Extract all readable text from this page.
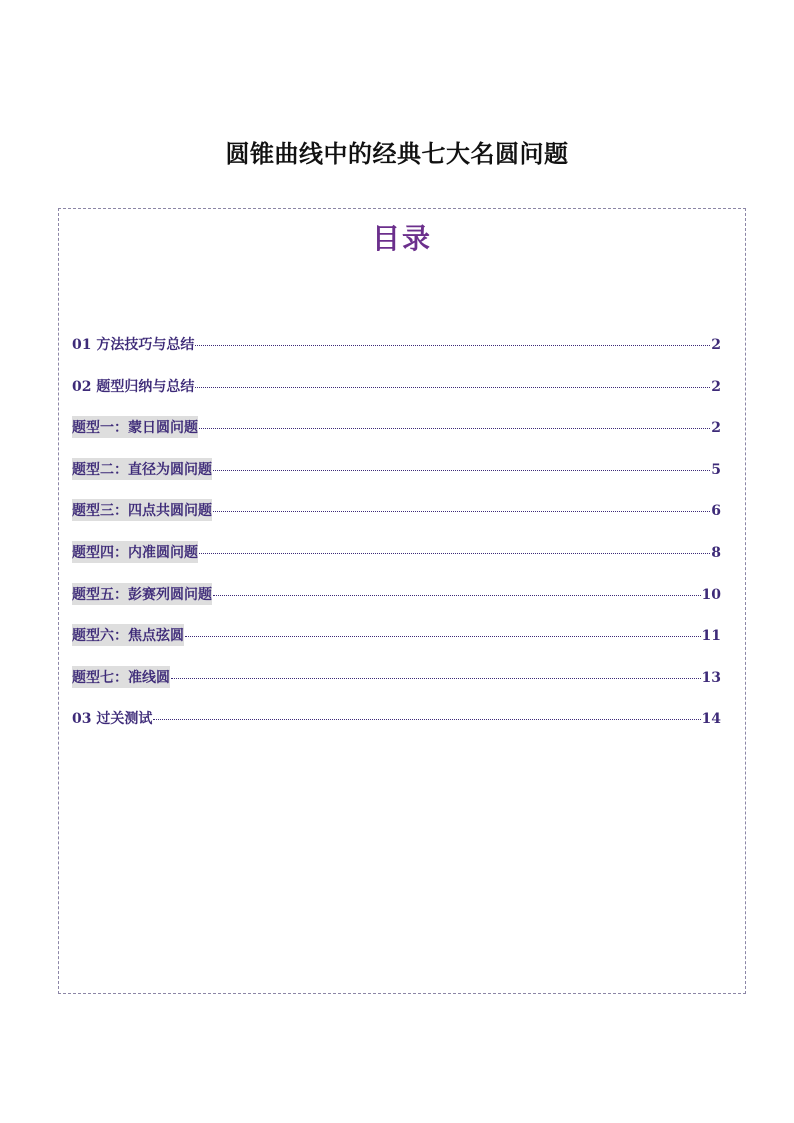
圆锥曲线中的经典七大名圆问题
目录
01 方法技巧与总结	2
02 题型归纳与总结	2
题型一：蒙日圆问题	2
题型二：直径为圆问题	5
题型三：四点共圆问题	6
题型四：内准圆问题	8
题型五：彭赛列圆问题	10
题型六：焦点弦圆	11
题型七：准线圆	13
03 过关测试	14
